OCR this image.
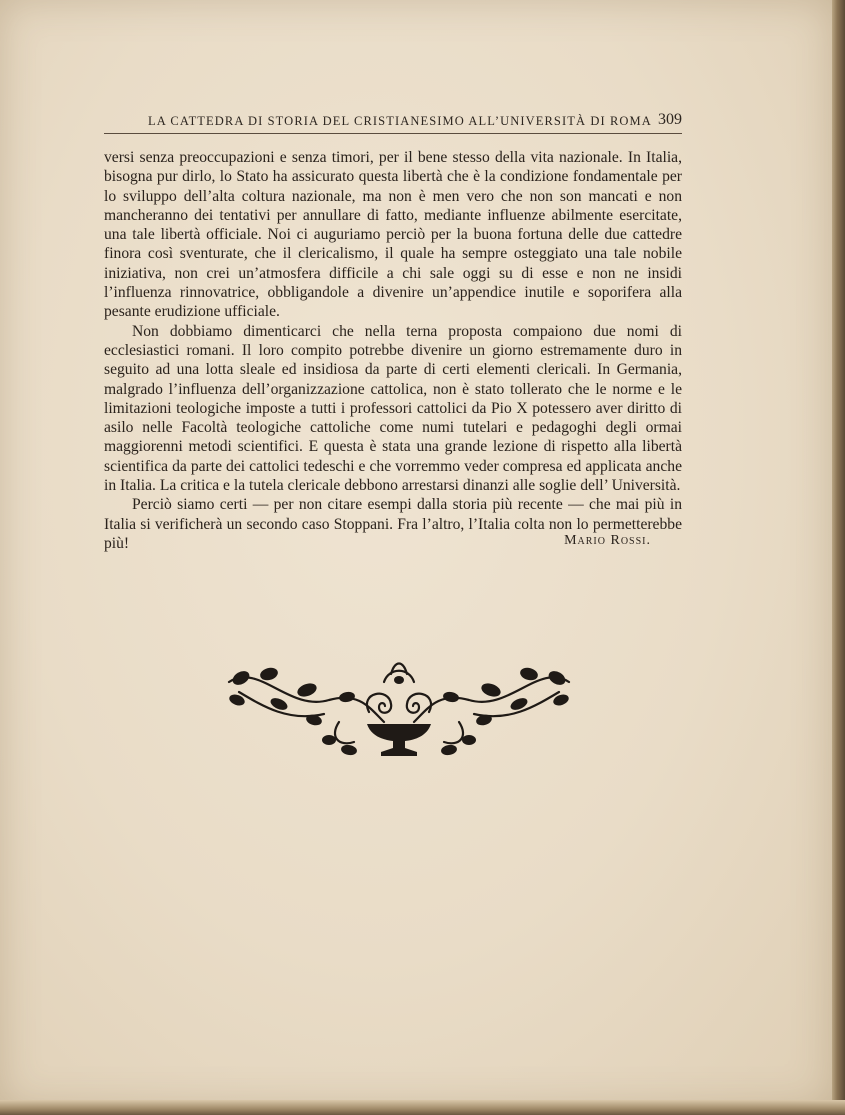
LA CATTEDRA DI STORIA DEL CRISTIANESIMO ALL’UNIVERSITÀ DI ROMA 309

versi senza preoccupazioni e senza timori, per il bene stesso della vita nazionale. In Italia, bisogna pur dirlo, lo Stato ha assicurato questa libertà che è la condizione fondamentale per lo sviluppo dell’alta coltura nazionale, ma non è men vero che non son mancati e non mancheranno dei tentativi per annullare di fatto, mediante influenze abilmente esercitate, una tale libertà officiale. Noi ci auguriamo perciò per la buona fortuna delle due cattedre finora così sventurate, che il clericalismo, il quale ha sempre osteggiato una tale nobile iniziativa, non crei un’atmosfera difficile a chi sale oggi su di esse e non ne insidi l’influenza rinnovatrice, obbligandole a divenire un’appendice inutile e soporifera alla pesante erudizione ufficiale.

Non dobbiamo dimenticarci che nella terna proposta compaiono due nomi di ecclesiastici romani. Il loro compito potrebbe divenire un giorno estremamente duro in seguito ad una lotta sleale ed insidiosa da parte di certi elementi clericali. In Germania, malgrado l’influenza dell’organizzazione cattolica, non è stato tollerato che le norme e le limitazioni teologiche imposte a tutti i professori cattolici da Pio X potessero aver diritto di asilo nelle Facoltà teologiche cattoliche come numi tutelari e pedagoghi degli ormai maggiorenni metodi scientifici. E questa è stata una grande lezione di rispetto alla libertà scientifica da parte dei cattolici tedeschi e che vorremmo veder compresa ed applicata anche in Italia. La critica e la tutela clericale debbono arrestarsi dinanzi alle soglie dell’ Università.

Perciò siamo certi — per non citare esempi dalla storia più recente — che mai più in Italia si verificherà un secondo caso Stoppani. Fra l’altro, l’Italia colta non lo permetterebbe più!	Mario Rossi.
